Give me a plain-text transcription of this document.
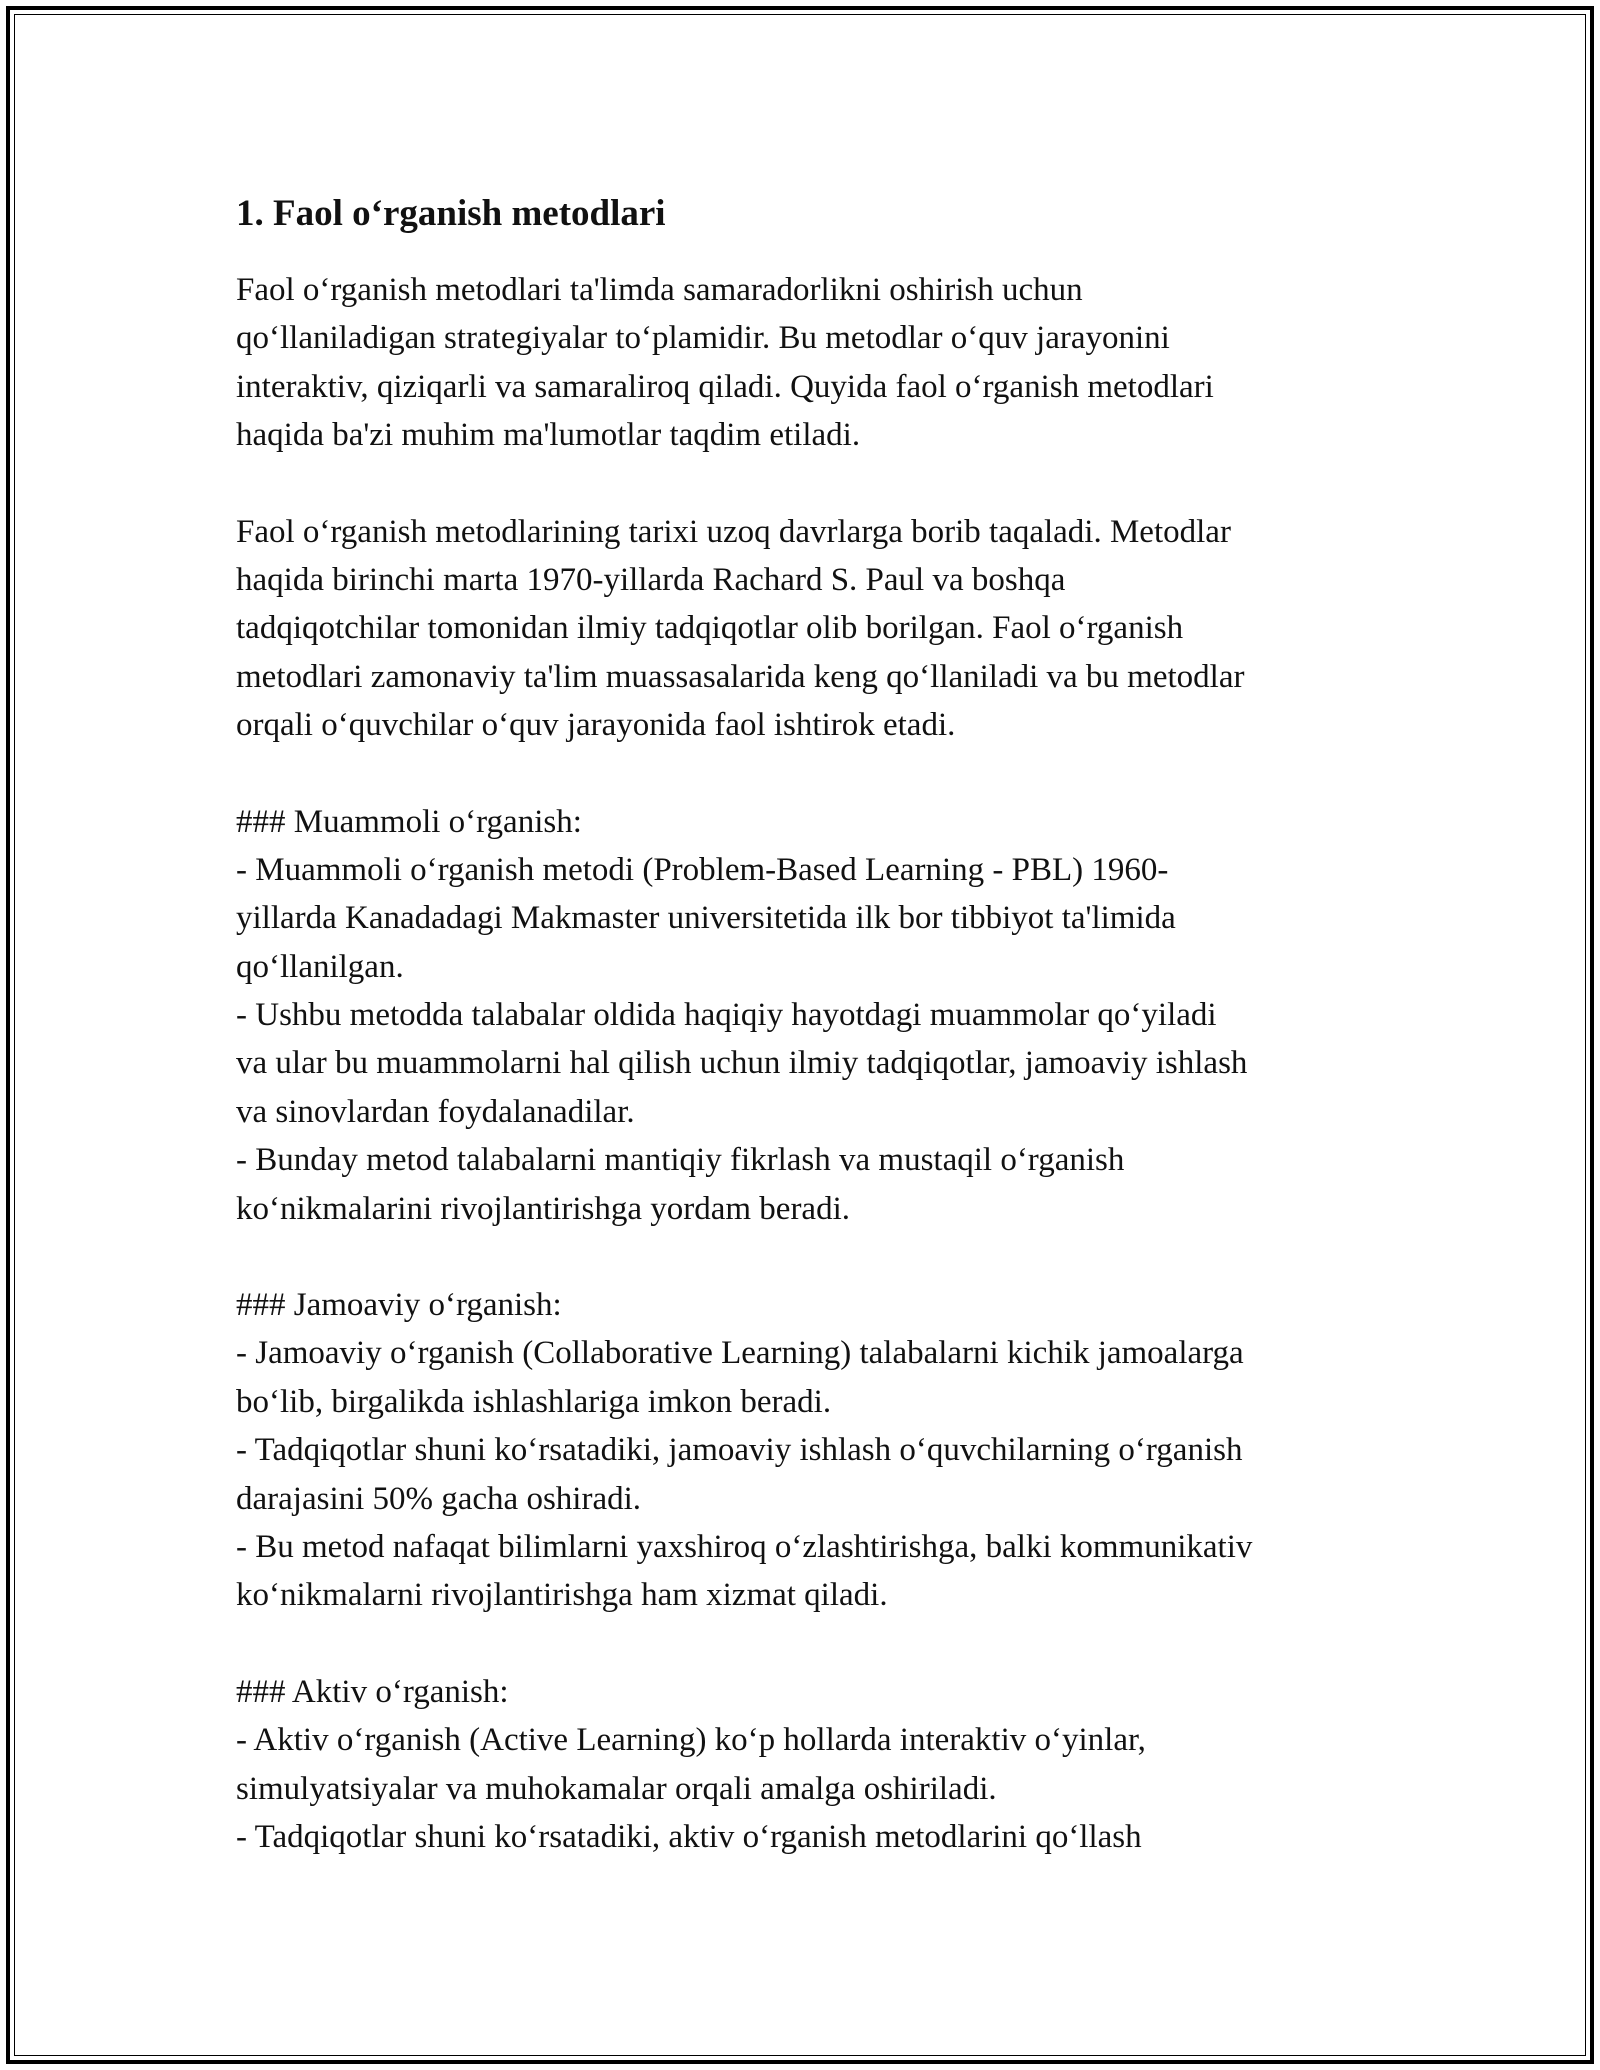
1. Faol o‘rganish metodlari
Faol o‘rganish metodlari ta'limda samaradorlikni oshirish uchun
qo‘llaniladigan strategiyalar to‘plamidir. Bu metodlar o‘quv jarayonini
interaktiv, qiziqarli va samaraliroq qiladi. Quyida faol o‘rganish metodlari
haqida ba'zi muhim ma'lumotlar taqdim etiladi.
Faol o‘rganish metodlarining tarixi uzoq davrlarga borib taqaladi. Metodlar
haqida birinchi marta 1970-yillarda Rachard S. Paul va boshqa
tadqiqotchilar tomonidan ilmiy tadqiqotlar olib borilgan. Faol o‘rganish
metodlari zamonaviy ta'lim muassasalarida keng qo‘llaniladi va bu metodlar
orqali o‘quvchilar o‘quv jarayonida faol ishtirok etadi.
### Muammoli o‘rganish:
- Muammoli o‘rganish metodi (Problem-Based Learning - PBL) 1960-
yillarda Kanadadagi Makmaster universitetida ilk bor tibbiyot ta'limida
qo‘llanilgan.
- Ushbu metodda talabalar oldida haqiqiy hayotdagi muammolar qo‘yiladi
va ular bu muammolarni hal qilish uchun ilmiy tadqiqotlar, jamoaviy ishlash
va sinovlardan foydalanadilar.
- Bunday metod talabalarni mantiqiy fikrlash va mustaqil o‘rganish
ko‘nikmalarini rivojlantirishga yordam beradi.
### Jamoaviy o‘rganish:
- Jamoaviy o‘rganish (Collaborative Learning) talabalarni kichik jamoalarga
bo‘lib, birgalikda ishlashlariga imkon beradi.
- Tadqiqotlar shuni ko‘rsatadiki, jamoaviy ishlash o‘quvchilarning o‘rganish
darajasini 50% gacha oshiradi.
- Bu metod nafaqat bilimlarni yaxshiroq o‘zlashtirishga, balki kommunikativ
ko‘nikmalarni rivojlantirishga ham xizmat qiladi.
### Aktiv o‘rganish:
- Aktiv o‘rganish (Active Learning) ko‘p hollarda interaktiv o‘yinlar,
simulyatsiyalar va muhokamalar orqali amalga oshiriladi.
- Tadqiqotlar shuni ko‘rsatadiki, aktiv o‘rganish metodlarini qo‘llash
